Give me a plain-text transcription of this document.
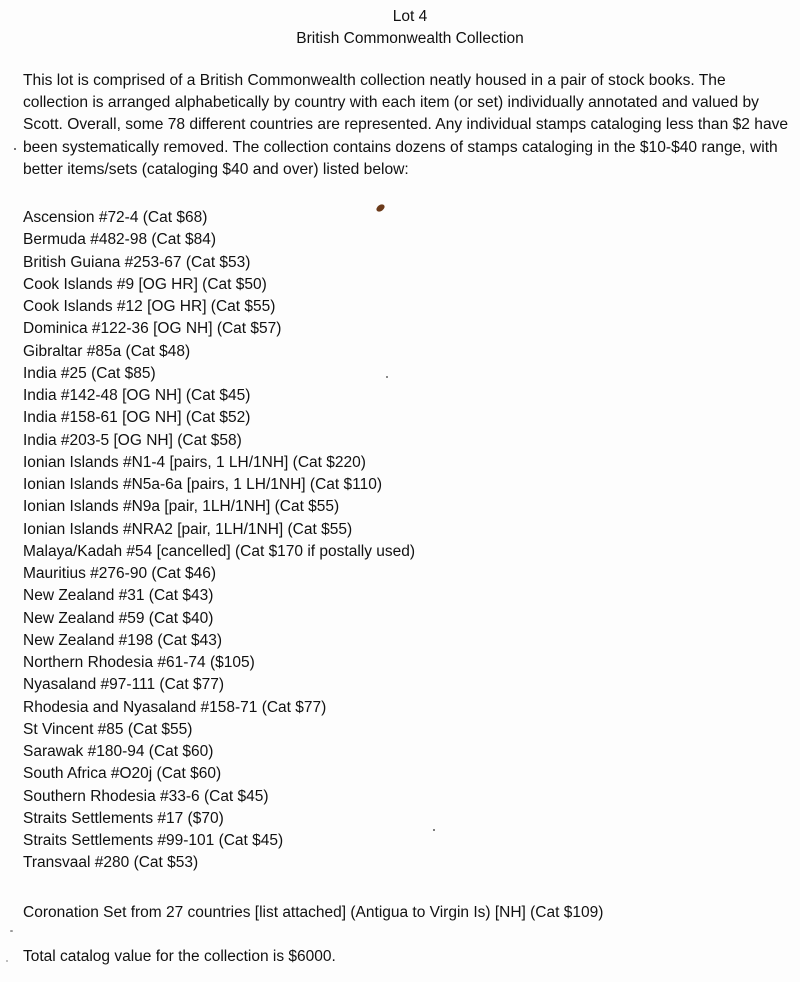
Lot 4
British Commonwealth Collection
This lot is comprised of a British Commonwealth collection neatly housed in a pair of stock books. The collection is arranged alphabetically by country with each item (or set) individually annotated and valued by Scott. Overall, some 78 different countries are represented. Any individual stamps cataloging less than $2 have been systematically removed. The collection contains dozens of stamps cataloging in the $10-$40 range, with better items/sets (cataloging $40 and over) listed below:
Ascension #72-4 (Cat $68)
Bermuda #482-98 (Cat $84)
British Guiana #253-67 (Cat $53)
Cook Islands #9 [OG HR] (Cat $50)
Cook Islands #12 [OG HR] (Cat $55)
Dominica #122-36 [OG NH] (Cat $57)
Gibraltar #85a (Cat $48)
India #25 (Cat $85)
India #142-48 [OG NH] (Cat $45)
India #158-61 [OG NH] (Cat $52)
India #203-5 [OG NH] (Cat $58)
Ionian Islands #N1-4 [pairs, 1 LH/1NH] (Cat $220)
Ionian Islands #N5a-6a [pairs, 1 LH/1NH] (Cat $110)
Ionian Islands #N9a [pair, 1LH/1NH] (Cat $55)
Ionian Islands #NRA2 [pair, 1LH/1NH] (Cat $55)
Malaya/Kadah #54 [cancelled] (Cat $170 if postally used)
Mauritius #276-90 (Cat $46)
New Zealand #31 (Cat $43)
New Zealand #59 (Cat $40)
New Zealand #198 (Cat $43)
Northern Rhodesia #61-74 ($105)
Nyasaland #97-111 (Cat $77)
Rhodesia and Nyasaland #158-71 (Cat $77)
St Vincent #85 (Cat $55)
Sarawak #180-94 (Cat $60)
South Africa #O20j (Cat $60)
Southern Rhodesia #33-6 (Cat $45)
Straits Settlements #17 ($70)
Straits Settlements #99-101 (Cat $45)
Transvaal #280 (Cat $53)
Coronation Set from 27 countries [list attached] (Antigua to Virgin Is) [NH] (Cat $109)
Total catalog value for the collection is $6000.
